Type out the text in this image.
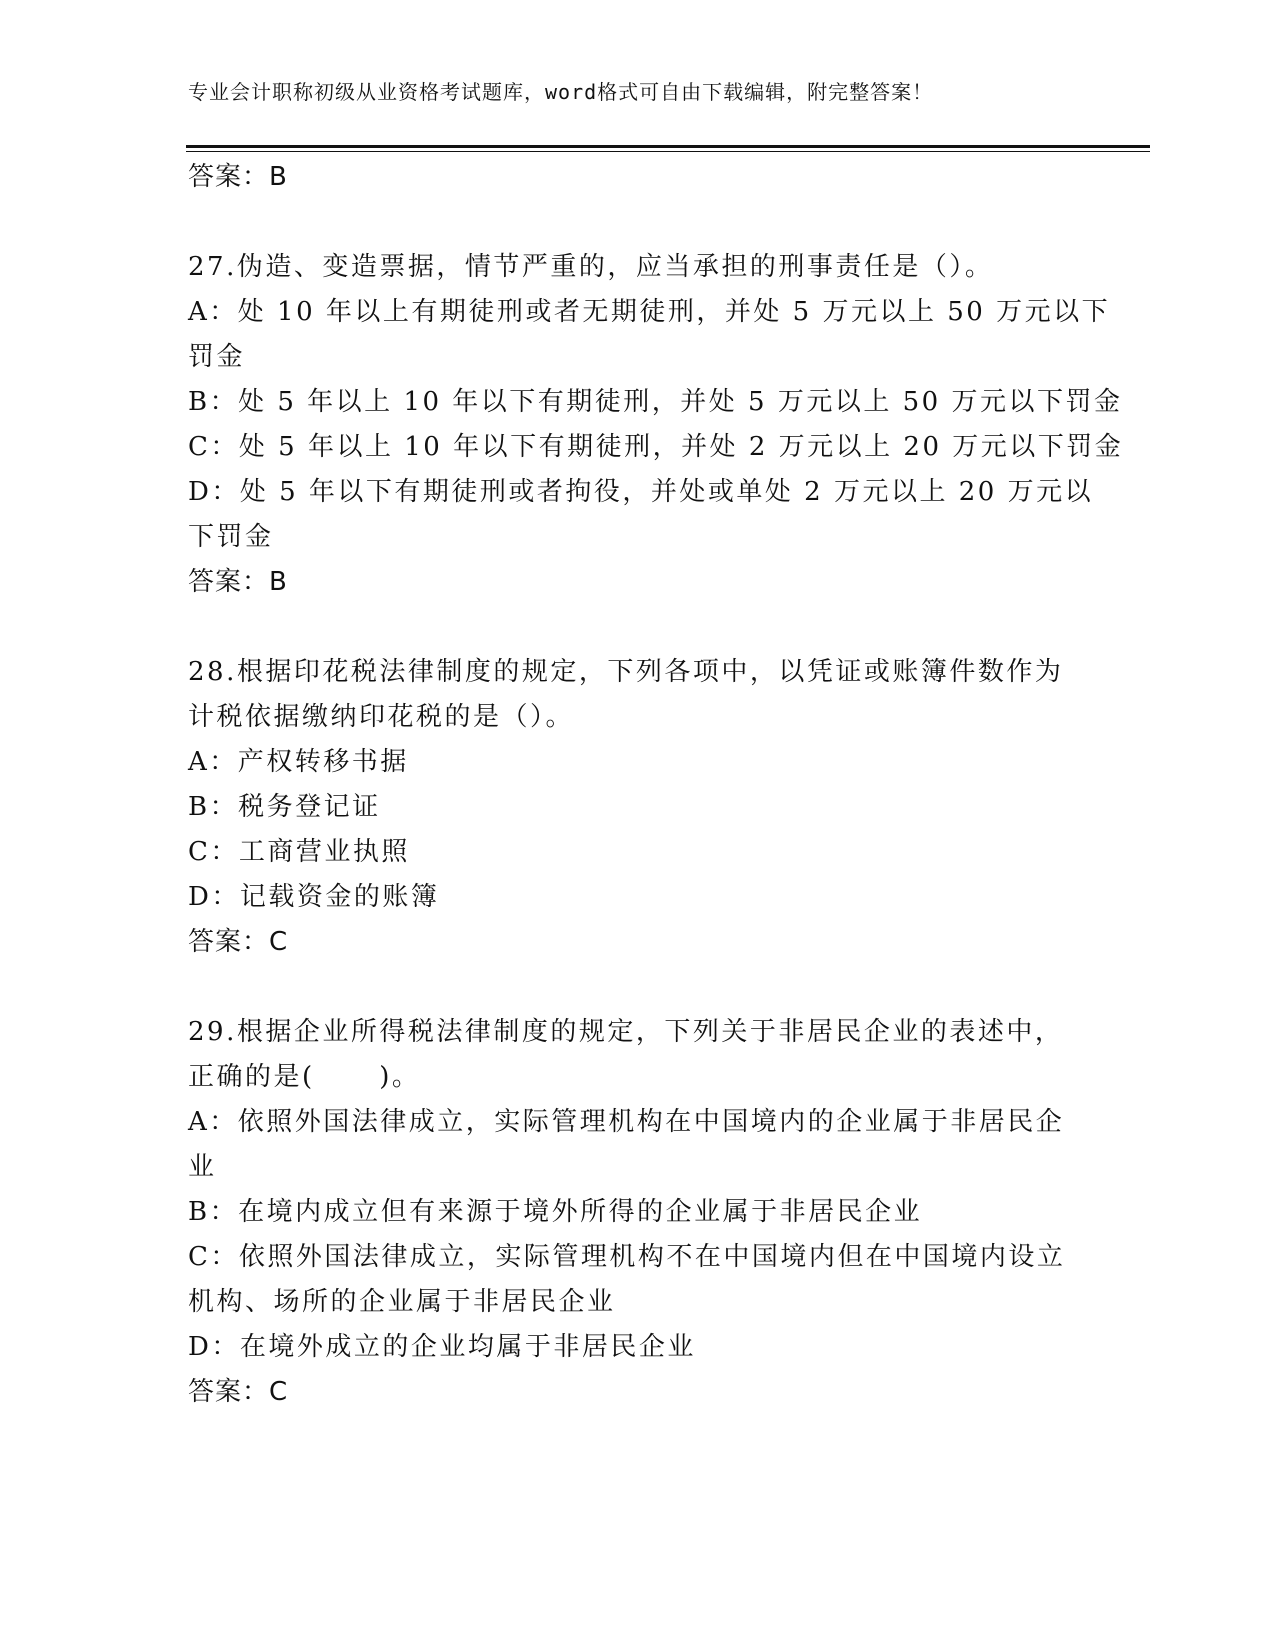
专业会计职称初级从业资格考试题库，word格式可自由下载编辑，附完整答案！
答案：B
27.伪造、变造票据，情节严重的，应当承担的刑事责任是（）。
A：处 10 年以上有期徒刑或者无期徒刑，并处 5 万元以上 50 万元以下
罚金
B：处 5 年以上 10 年以下有期徒刑，并处 5 万元以上 50 万元以下罚金
C：处 5 年以上 10 年以下有期徒刑，并处 2 万元以上 20 万元以下罚金
D：处 5 年以下有期徒刑或者拘役，并处或单处 2 万元以上 20 万元以
下罚金
答案：B
28.根据印花税法律制度的规定，下列各项中，以凭证或账簿件数作为
计税依据缴纳印花税的是（）。
A：产权转移书据
B：税务登记证
C：工商营业执照
D：记载资金的账簿
答案：C
29.根据企业所得税法律制度的规定，下列关于非居民企业的表述中，
正确的是(      )。
A：依照外国法律成立，实际管理机构在中国境内的企业属于非居民企
业
B：在境内成立但有来源于境外所得的企业属于非居民企业
C：依照外国法律成立，实际管理机构不在中国境内但在中国境内设立
机构、场所的企业属于非居民企业
D：在境外成立的企业均属于非居民企业
答案：C
